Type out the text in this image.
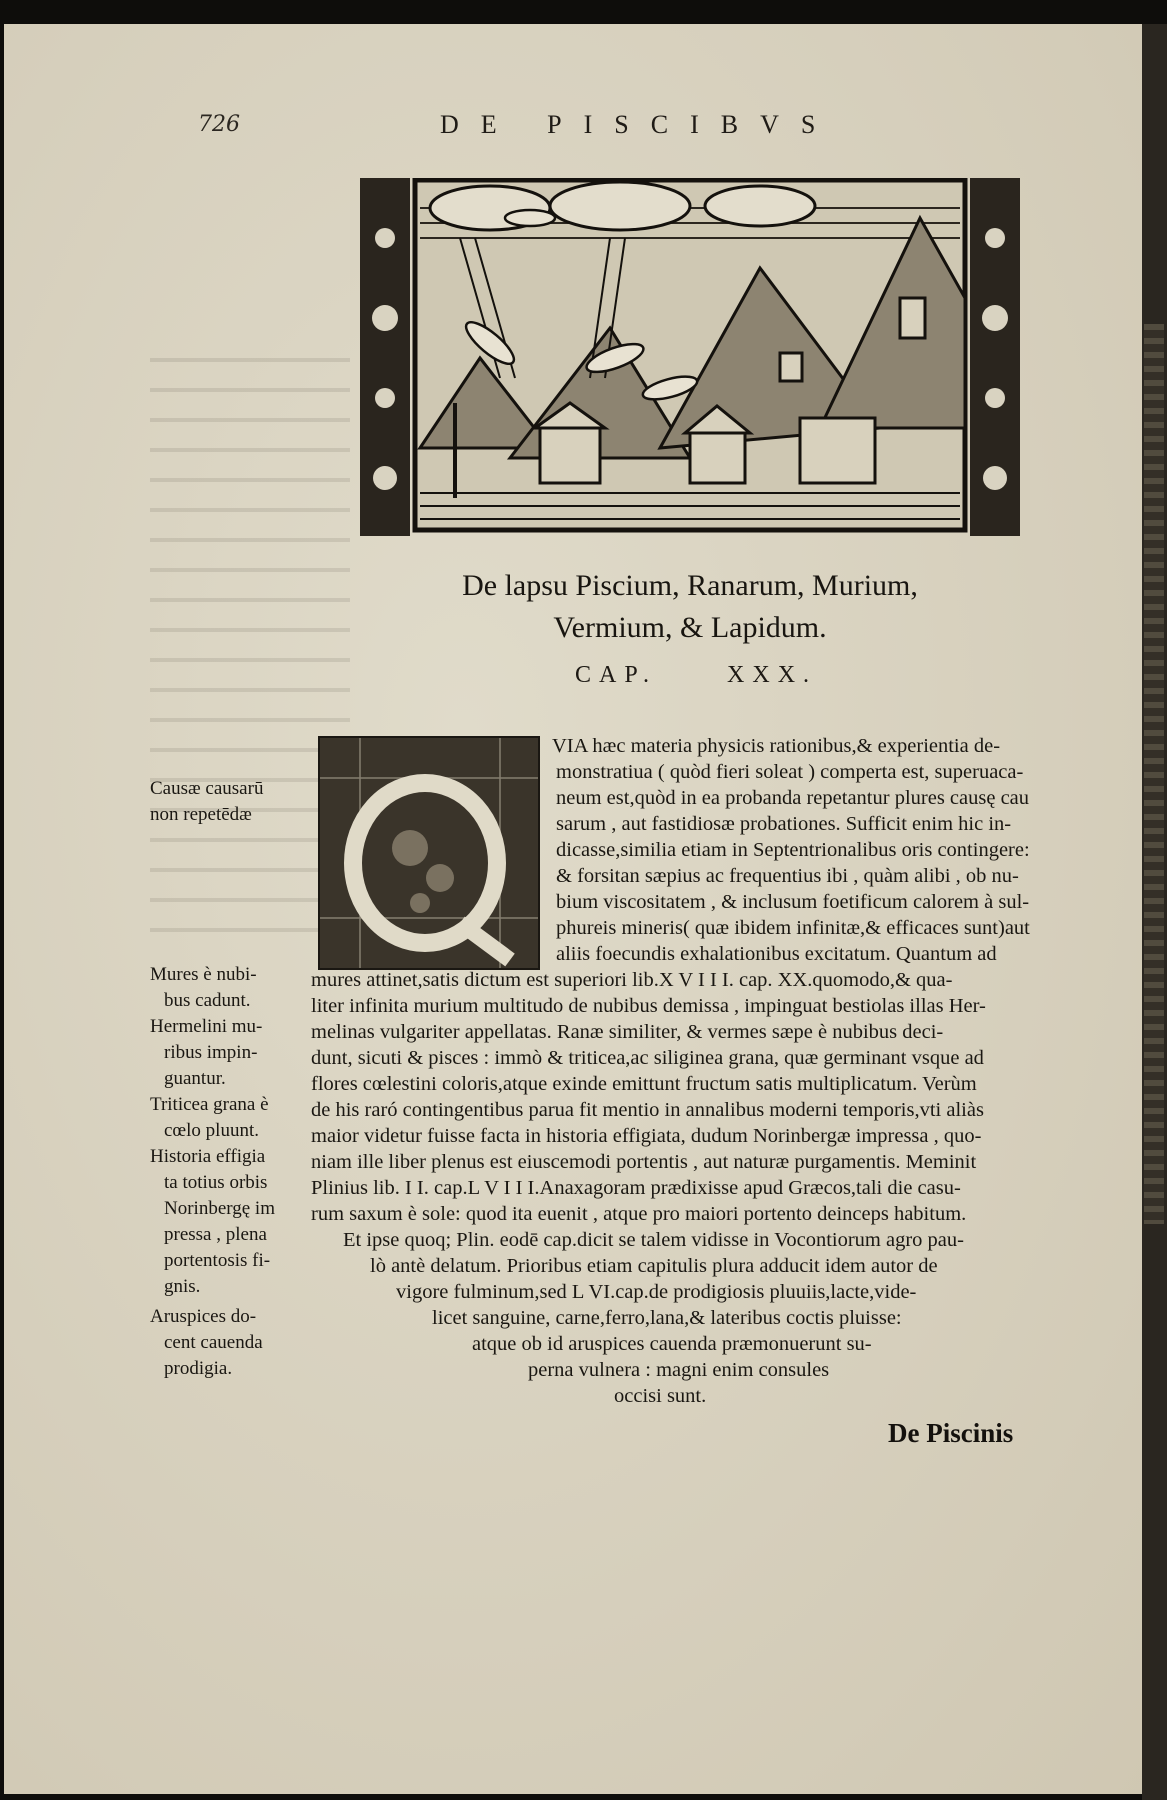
726	DE PISCIBVS
De lapsu Piscium, Ranarum, Murium,
Vermium, & Lapidum.
CAP.	XXX.
VIA hæc materia physicis rationibus,& experientia de-
monstratiua ( quòd fieri soleat ) comperta est, superuaca-
neum est,quòd in ea probanda repetantur plures causę cau
sarum , aut fastidiosæ probationes. Sufficit enim hic in-
dicasse,similia etiam in Septentrionalibus oris contingere:
& forsitan sæpius ac frequentius ibi , quàm alibi , ob nu-
bium viscositatem , & inclusum foetificum calorem à sul-
phureis mineris( quæ ibidem infinitæ,& efficaces sunt)aut
aliis foecundis exhalationibus excitatum. Quantum ad
mures attinet,satis dictum est superiori lib.X V I I I. cap. XX.quomodo,& qua-
liter infinita murium multitudo de nubibus demissa , impinguat bestiolas illas Her-
melinas vulgariter appellatas. Ranæ similiter, & vermes sæpe è nubibus deci-
dunt, sicuti & pisces : immò & triticea,ac siliginea grana, quæ germinant vsque ad
flores cœlestini coloris,atque exinde emittunt fructum satis multiplicatum. Verùm
de his raró contingentibus parua fit mentio in annalibus moderni temporis,vti aliàs
maior videtur fuisse facta in historia effigiata, dudum Norinbergæ impressa , quo-
niam ille liber plenus est eiuscemodi portentis , aut naturæ purgamentis. Meminit
Plinius lib. I I. cap.L V I I I.Anaxagoram prædixisse apud Græcos,tali die casu-
rum saxum è sole: quod ita euenit , atque pro maiori portento deinceps habitum.
Et ipse quoq; Plin. eodē cap.dicit se talem vidisse in Vocontiorum agro pau-
lò antè delatum. Prioribus etiam capitulis plura adducit idem autor de
vigore fulminum,sed L VI.cap.de prodigiosis pluuiis,lacte,vide-
licet sanguine, carne,ferro,lana,& lateribus coctis pluisse:
atque ob id aruspices cauenda præmonuerunt su-
perna vulnera : magni enim consules
occisi sunt.
Causæ causarū
non repetēdæ
Mures è nubi-
bus cadunt.
Hermelini mu-
ribus impin-
guantur.
Triticea grana è
cœlo pluunt.
Historia effigia
ta totius orbis
Norinbergę im
pressa , plena
portentosis fi-
gnis.
Aruspices do-
cent cauenda
prodigia.
De Piscinis
